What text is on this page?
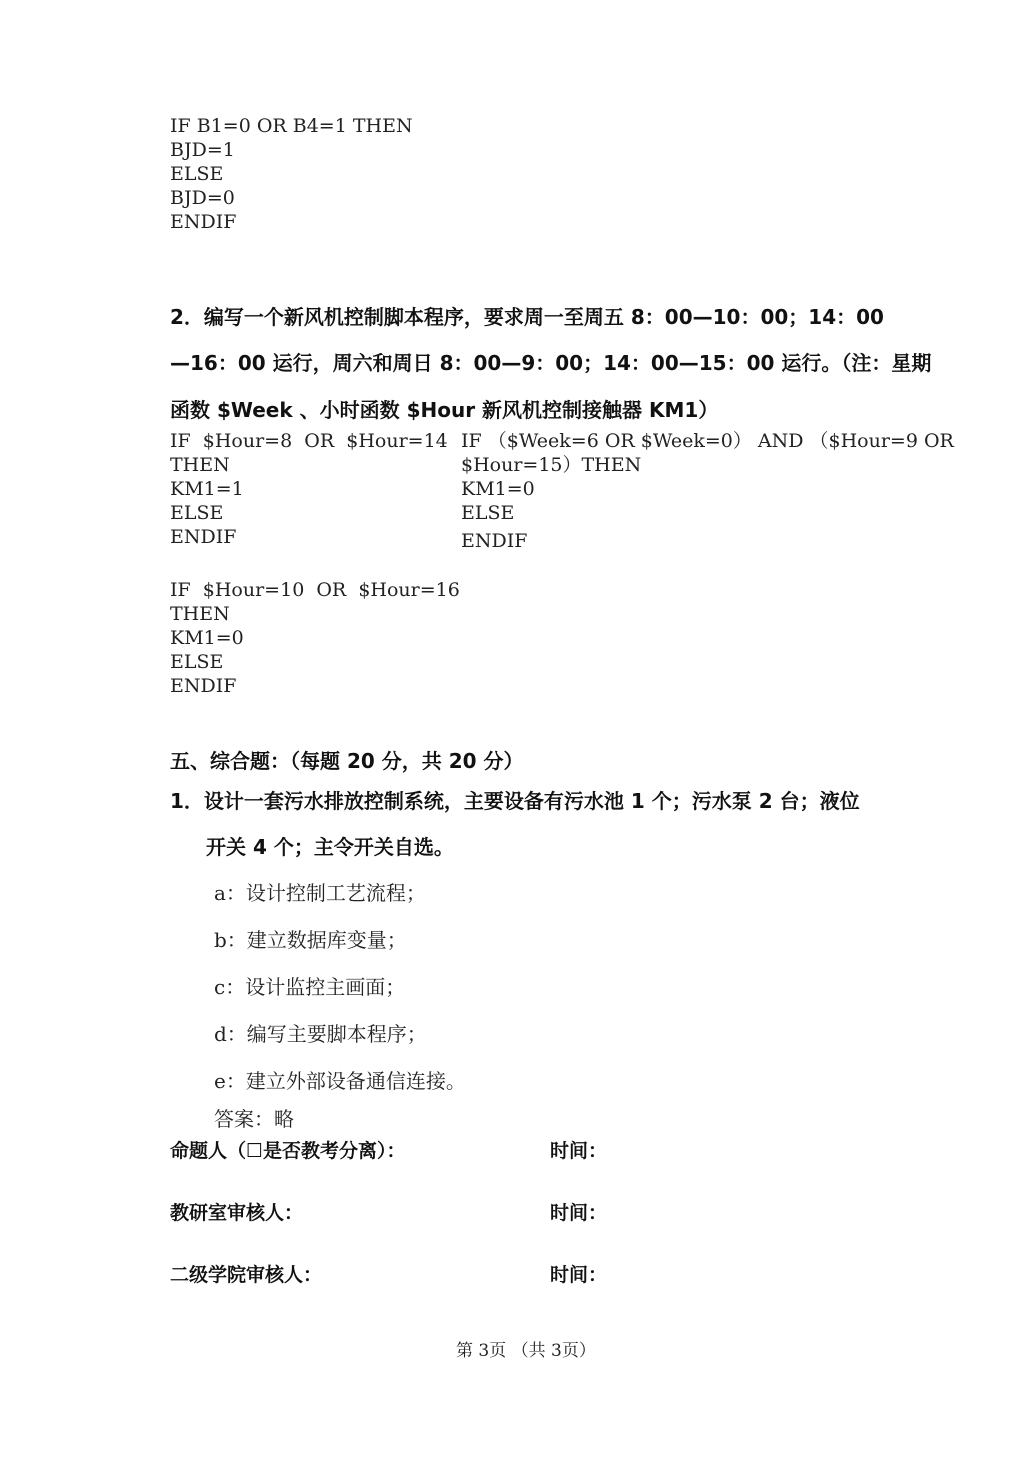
IF B1=0 OR B4=1 THEN
BJD=1
ELSE
BJD=0
ENDIF
2．编写一个新风机控制脚本程序，要求周一至周五 8：00—10：00；14：00
—16：00 运行，周六和周日 8：00—9：00；14：00—15：00 运行。（注：星期
函数 $Week 、小时函数 $Hour 新风机控制接触器 KM1）
IF  $Hour=8  OR  $Hour=14
THEN
KM1=1
ELSE
ENDIF
IF （$Week=6 OR $Week=0） AND （$Hour=9 OR
$Hour=15）THEN
KM1=0
ELSE
ENDIF
IF  $Hour=10  OR  $Hour=16
THEN
KM1=0
ELSE
ENDIF
五、综合题：（每题 20 分，共 20 分）
1．设计一套污水排放控制系统，主要设备有污水池 1 个；污水泵 2 台；液位
开关 4 个；主令开关自选。
a：设计控制工艺流程；
b：建立数据库变量；
c：设计监控主画面；
d：编写主要脚本程序；
e：建立外部设备通信连接。
答案：略
命题人（☐是否教考分离）：	时间：
教研室审核人：	时间：
二级学院审核人：	时间：
第 3页 （共 3页）
